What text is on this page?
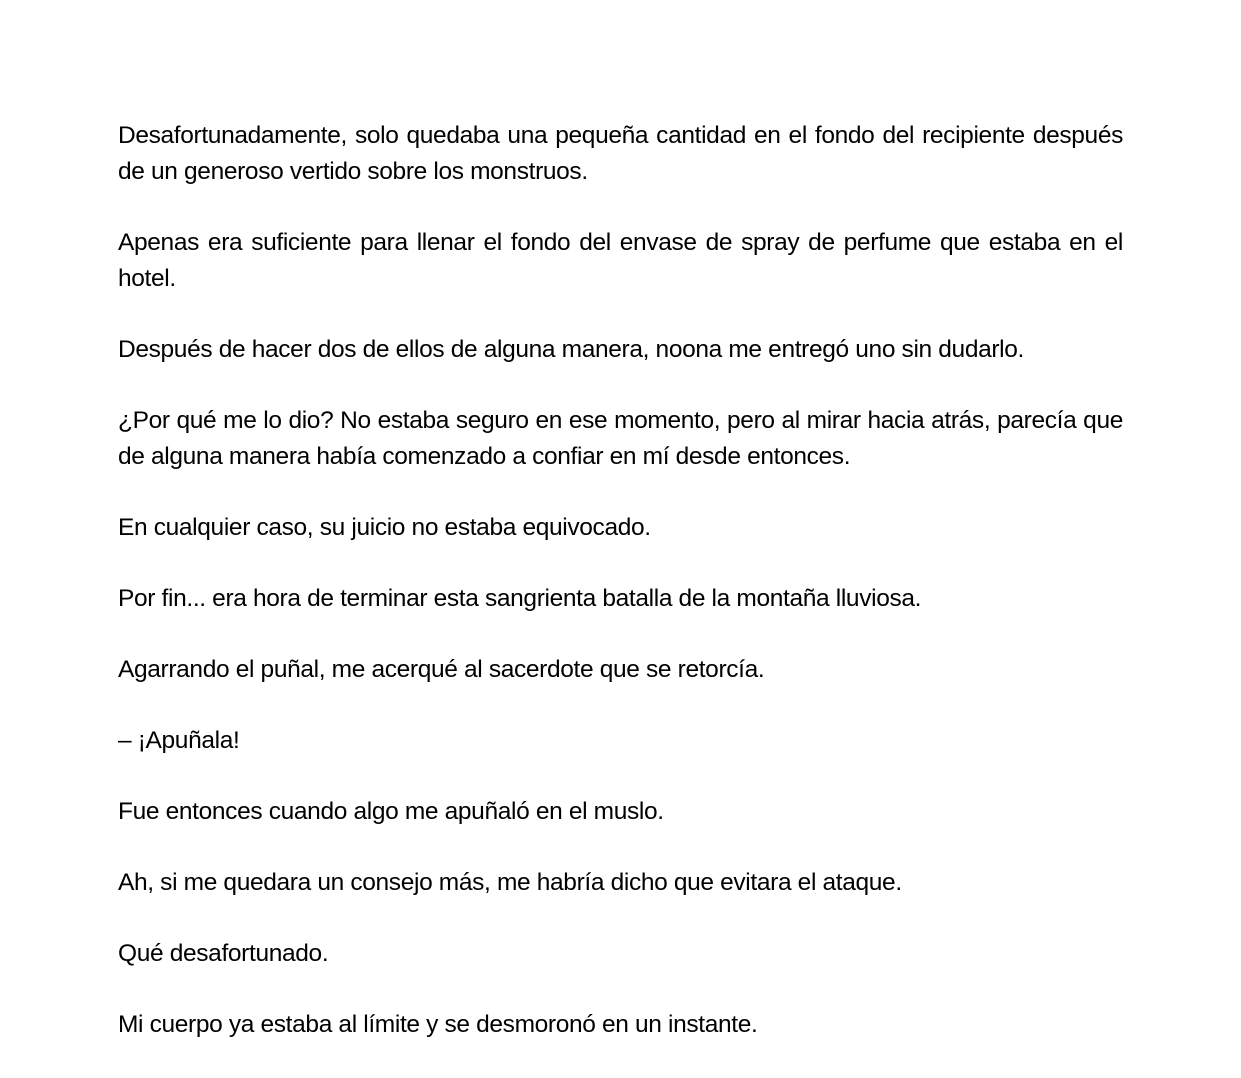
Desafortunadamente, solo quedaba una pequeña cantidad en el fondo del recipiente después de un generoso vertido sobre los monstruos.

Apenas era suficiente para llenar el fondo del envase de spray de perfume que estaba en el hotel.

Después de hacer dos de ellos de alguna manera, noona me entregó uno sin dudarlo.

¿Por qué me lo dio? No estaba seguro en ese momento, pero al mirar hacia atrás, parecía que de alguna manera había comenzado a confiar en mí desde entonces.

En cualquier caso, su juicio no estaba equivocado.

Por fin... era hora de terminar esta sangrienta batalla de la montaña lluviosa.

Agarrando el puñal, me acerqué al sacerdote que se retorcía.

– ¡Apuñala!

Fue entonces cuando algo me apuñaló en el muslo.

Ah, si me quedara un consejo más, me habría dicho que evitara el ataque.

Qué desafortunado.

Mi cuerpo ya estaba al límite y se desmoronó en un instante.
